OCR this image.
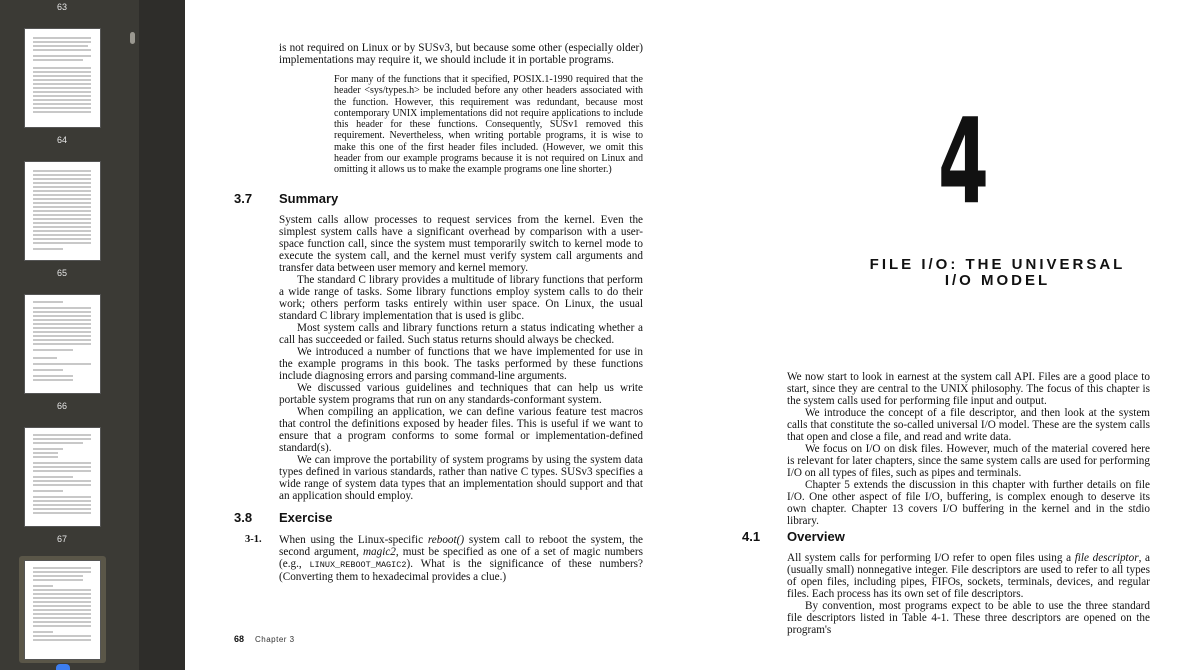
63
64
65
66
67
is not required on Linux or by SUSv3, but because some other (especially older) implementations may require it, we should include it in portable programs.
For many of the functions that it specified, POSIX.1-1990 required that the header <sys/types.h> be included before any other headers associated with the function. However, this requirement was redundant, because most contemporary UNIX implementations did not require applications to include this header for these functions. Consequently, SUSv1 removed this requirement. Nevertheless, when writing portable programs, it is wise to make this one of the first header files included. (However, we omit this header from our example programs because it is not required on Linux and omitting it allows us to make the example programs one line shorter.)
3.7 Summary

System calls allow processes to request services from the kernel. Even the simplest system calls have a significant overhead by comparison with a user-space function call, since the system must temporarily switch to kernel mode to execute the system call, and the kernel must verify system call arguments and transfer data between user memory and kernel memory.

The standard C library provides a multitude of library functions that perform a wide range of tasks. Some library functions employ system calls to do their work; others perform tasks entirely within user space. On Linux, the usual standard C library implementation that is used is glibc.

Most system calls and library functions return a status indicating whether a call has succeeded or failed. Such status returns should always be checked.

We introduced a number of functions that we have implemented for use in the example programs in this book. The tasks performed by these functions include diagnosing errors and parsing command-line arguments.

We discussed various guidelines and techniques that can help us write portable system programs that run on any standards-conformant system.

When compiling an application, we can define various feature test macros that control the definitions exposed by header files. This is useful if we want to ensure that a program conforms to some formal or implementation-defined standard(s).

We can improve the portability of system programs by using the system data types defined in various standards, rather than native C types. SUSv3 specifies a wide range of system data types that an implementation should support and that an application should employ.

3.8 Exercise
3-1.	When using the Linux-specific reboot() system call to reboot the system, the second argument, magic2, must be specified as one of a set of magic numbers (e.g., LINUX_REBOOT_MAGIC2). What is the significance of these numbers? (Converting them to hexadecimal provides a clue.)
68 Chapter 3
4
FILE I/O: THE UNIVERSAL
I/O MODEL

We now start to look in earnest at the system call API. Files are a good place to start, since they are central to the UNIX philosophy. The focus of this chapter is the system calls used for performing file input and output.

We introduce the concept of a file descriptor, and then look at the system calls that constitute the so-called universal I/O model. These are the system calls that open and close a file, and read and write data.

We focus on I/O on disk files. However, much of the material covered here is relevant for later chapters, since the same system calls are used for performing I/O on all types of files, such as pipes and terminals.

Chapter 5 extends the discussion in this chapter with further details on file I/O. One other aspect of file I/O, buffering, is complex enough to deserve its own chapter. Chapter 13 covers I/O buffering in the kernel and in the stdio library.

4.1 Overview

All system calls for performing I/O refer to open files using a file descriptor, a (usually small) nonnegative integer. File descriptors are used to refer to all types of open files, including pipes, FIFOs, sockets, terminals, devices, and regular files. Each process has its own set of file descriptors.

By convention, most programs expect to be able to use the three standard file descriptors listed in Table 4-1. These three descriptors are opened on the program's
